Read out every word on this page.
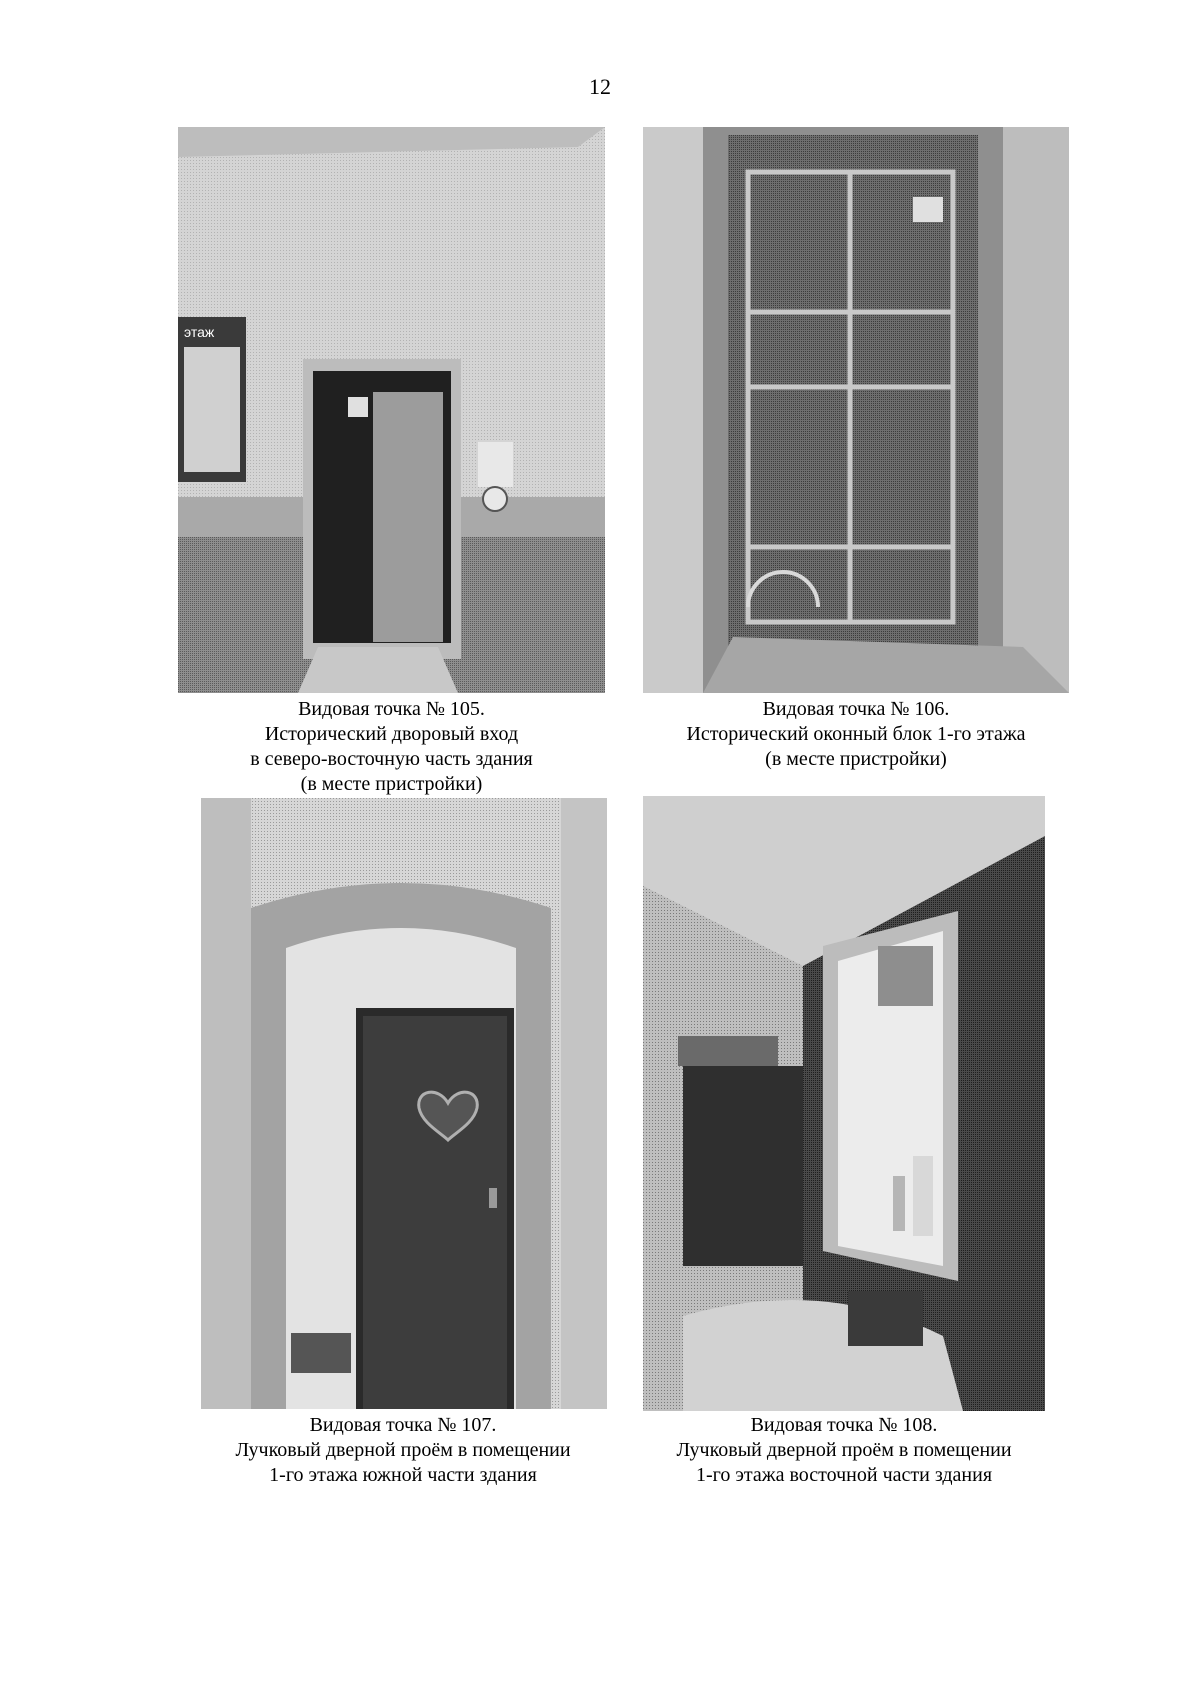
12
этаж
Видовая точка № 105.
Исторический дворовый вход
в северо-восточную часть здания
(в месте пристройки)
Видовая точка № 106.
Исторический оконный блок 1-го этажа
(в месте пристройки)
Видовая точка № 107.
Лучковый дверной проём в помещении
1-го этажа южной части здания
Видовая точка № 108.
Лучковый дверной проём в помещении
1-го этажа восточной части здания
